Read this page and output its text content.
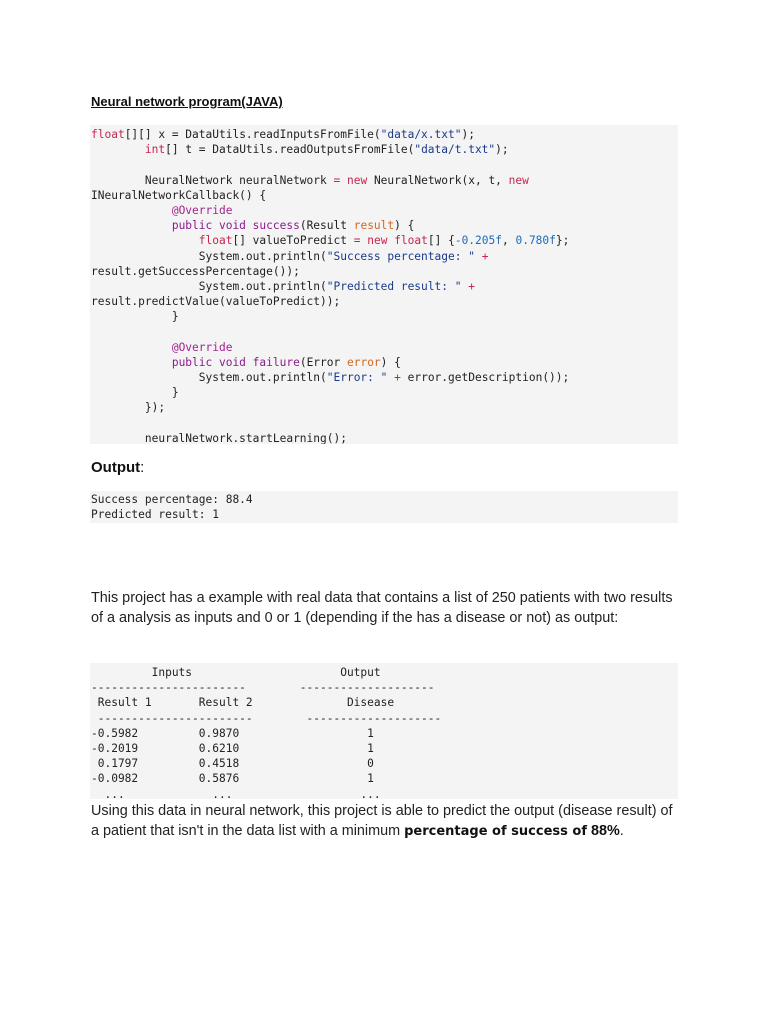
Neural network program(JAVA)
float[][] x = DataUtils.readInputsFromFile("data/x.txt");
int[] t = DataUtils.readOutputsFromFile("data/t.txt");
NeuralNetwork neuralNetwork = new NeuralNetwork(x, t, new
INeuralNetworkCallback() {
@Override
public void success(Result result) {
float[] valueToPredict = new float[] {-0.205f, 0.780f};
System.out.println("Success percentage: " +
result.getSuccessPercentage());
System.out.println("Predicted result: " +
result.predictValue(valueToPredict));
}
@Override
public void failure(Error error) {
System.out.println("Error: " + error.getDescription());
}
});
neuralNetwork.startLearning();
Output:
Success percentage: 88.4
Predicted result: 1
This project has a example with real data that contains a list of 250 patients with two results of a analysis as inputs and 0 or 1 (depending if the has a disease or not) as output:
Inputs                      Output
-----------------------        --------------------
Result 1       Result 2              Disease
-----------------------        --------------------
-0.5982         0.9870                   1
-0.2019         0.6210                   1
0.1797         0.4518                   0
-0.0982         0.5876                   1
...             ...                   ...
Using this data in neural network, this project is able to predict the output (disease result) of a patient that isn't in the data list with a minimum percentage of success of 88%.
